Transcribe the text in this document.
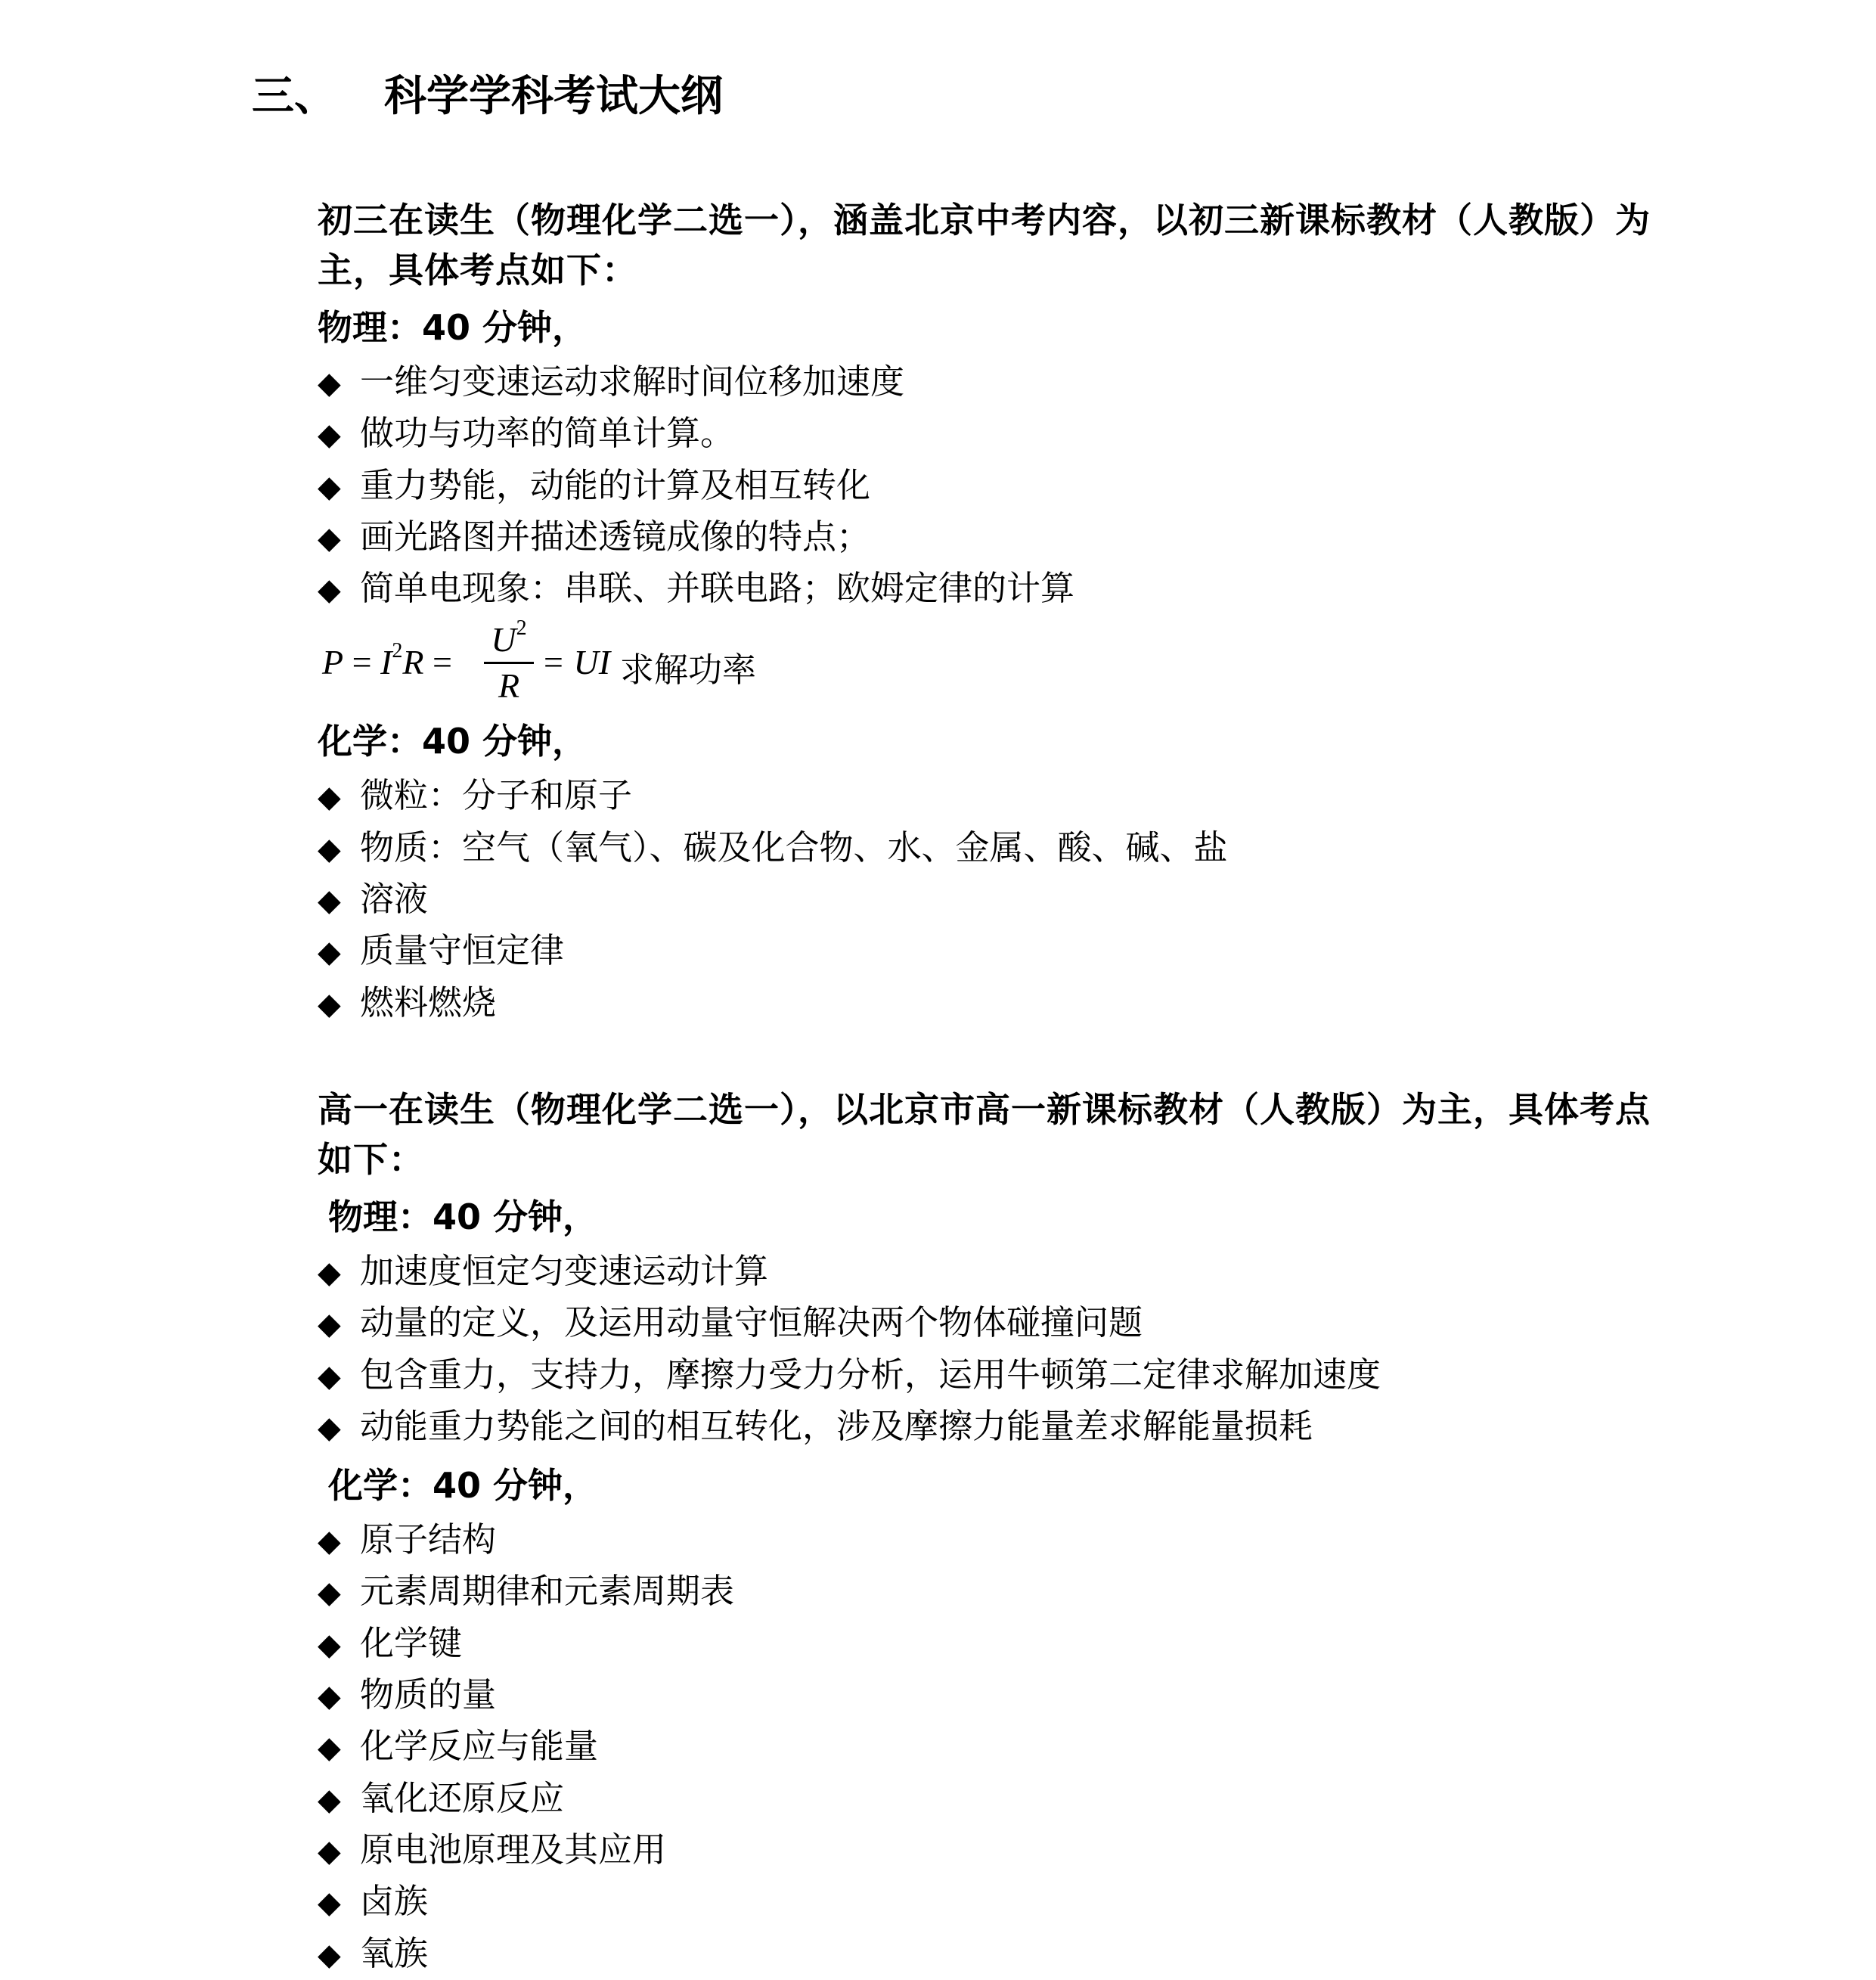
三、 科学学科考试大纲

初三在读生（物理化学二选一），涵盖北京中考内容，以初三新课标教材（人教版）为主，具体考点如下：

物理：40 分钟，

◆ 一维匀变速运动求解时间位移加速度

◆ 做功与功率的简单计算。

◆ 重力势能，动能的计算及相互转化

◆ 画光路图并描述透镜成像的特点；

◆ 简单电现象：串联、并联电路；欧姆定律的计算

$P = I^2R$ =
$U^2$
R
= UI 求解功率
化学：40 分钟，

◆ 微粒：分子和原子

◆ 物质：空气（氧气）、碳及化合物、水、金属、酸、碱、盐

◆ 溶液

◆ 质量守恒定律

◆ 燃料燃烧

高一在读生（物理化学二选一），以北京市高一新课标教材（人教版）为主，具体考点如下：

物理：40 分钟，

◆ 加速度恒定匀变速运动计算

◆ 动量的定义，及运用动量守恒解决两个物体碰撞问题

◆ 包含重力，支持力，摩擦力受力分析，运用牛顿第二定律求解加速度

◆ 动能重力势能之间的相互转化，涉及摩擦力能量差求解能量损耗

化学：40 分钟，

◆ 原子结构

◆ 元素周期律和元素周期表

◆ 化学键

◆ 物质的量

◆ 化学反应与能量

◆ 氧化还原反应

◆ 原电池原理及其应用

◆ 卤族

◆ 氧族
